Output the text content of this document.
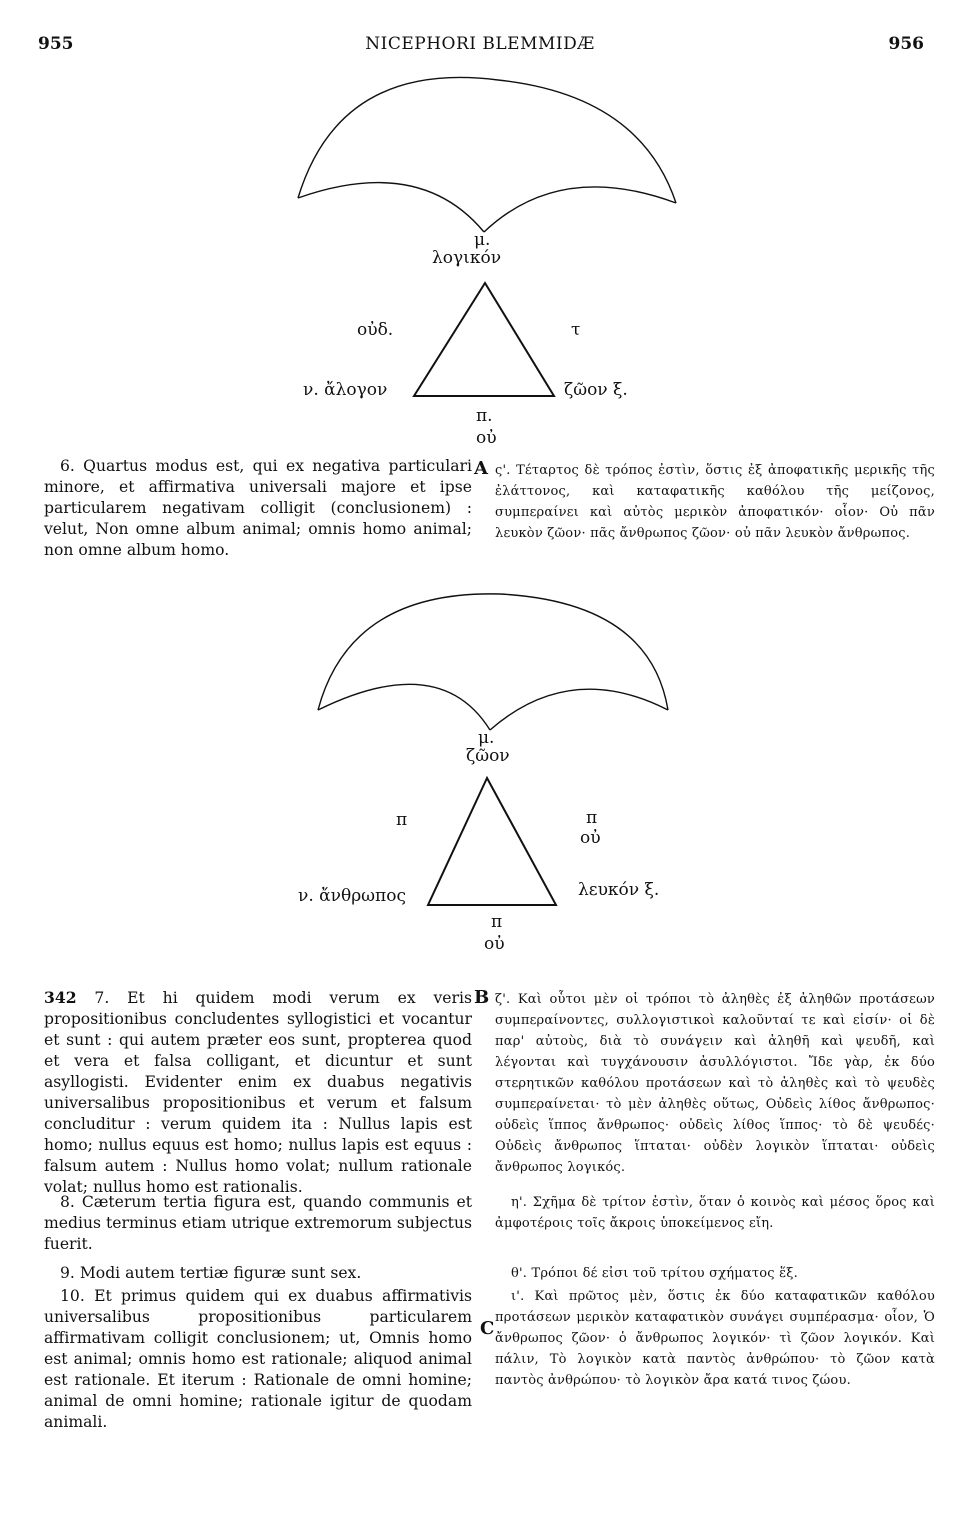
955	NICEPHORI BLEMMIDÆ	956
μ.
λογικόν
οὐδ.	τ
ν. ἄλογον	ζῶον ξ.
π.
οὐ

6. Quartus modus est, qui ex negativa particulari minore, et affirmativa universali majore et ipse particularem negativam colligit (conclusionem) : velut, Non omne album animal; omnis homo animal; non omne album homo.

A ς'. Τέταρτος δὲ τρόπος ἐστὶν, ὅστις ἐξ ἀποφατικῆς μερικῆς τῆς ἐλάττονος, καὶ καταφατικῆς καθόλου τῆς μείζονος, συμπεραίνει καὶ αὐτὸς μερικὸν ἀποφατικόν· οἷον· Οὐ πᾶν λευκὸν ζῶον· πᾶς ἄνθρωπος ζῶον· οὐ πᾶν λευκὸν ἄνθρωπος.

μ.
ζῶον
π	π
οὐ
ν. ἄνθρωπος	λευκόν ξ.
π
οὐ

342 7. Et hi quidem modi verum ex veris propositionibus concludentes syllogistici et vocantur et sunt : qui autem præter eos sunt, propterea quod et vera et falsa colligant, et dicuntur et sunt asyllogisti. Evidenter enim ex duabus negativis universalibus propositionibus et verum et falsum concluditur : verum quidem ita : Nullus lapis est homo; nullus equus est homo; nullus lapis est equus : falsum autem : Nullus homo volat; nullum rationale volat; nullus homo est rationalis.

B ζ'. Καὶ οὗτοι μὲν οἱ τρόποι τὸ ἀληθὲς ἐξ ἀληθῶν προτάσεων συμπεραίνοντες, συλλογιστικοὶ καλοῦνταί τε καὶ εἰσίν· οἱ δὲ παρ' αὐτοὺς, διὰ τὸ συνάγειν καὶ ἀληθῆ καὶ ψευδῆ, καὶ λέγονται καὶ τυγχάνουσιν ἀσυλλόγιστοι. Ἴδε γὰρ, ἐκ δύο στερητικῶν καθόλου προτάσεων καὶ τὸ ἀληθὲς καὶ τὸ ψευδὲς συμπεραίνεται· τὸ μὲν ἀληθὲς οὕτως, Οὐδεὶς λίθος ἄνθρωπος· οὐδεὶς ἵππος ἄνθρωπος· οὐδεὶς λίθος ἵππος· τὸ δὲ ψευδές· Οὐδεὶς ἄνθρωπος ἵπταται· οὐδὲν λογικὸν ἵπταται· οὐδεὶς ἄνθρωπος λογικός.

8. Cæterum tertia figura est, quando communis et medius terminus etiam utrique extremorum subjectus fuerit.

η'. Σχῆμα δὲ τρίτον ἐστὶν, ὅταν ὁ κοινὸς καὶ μέσος ὅρος καὶ ἀμφοτέροις τοῖς ἄκροις ὑποκείμενος εἴη.

9. Modi autem tertiæ figuræ sunt sex.	θ'. Τρόποι δέ εἰσι τοῦ τρίτου σχήματος ἕξ.

10. Et primus quidem qui ex duabus affirmativis universalibus propositionibus particularem affirmativam colligit conclusionem; ut, Omnis homo est animal; omnis homo est rationale; aliquod animal est rationale. Et iterum : Rationale de omni homine; animal de omni homine; rationale igitur de quodam animali.

C

ι'. Καὶ πρῶτος μὲν, ὅστις ἐκ δύο καταφατικῶν καθόλου προτάσεων μερικὸν καταφατικὸν συνάγει συμπέρασμα· οἷον, Ὁ ἄνθρωπος ζῶον· ὁ ἄνθρωπος λογικόν· τὶ ζῶον λογικόν. Καὶ πάλιν, Τὸ λογικὸν κατὰ παντὸς ἀνθρώπου· τὸ ζῶον κατὰ παντὸς ἀνθρώπου· τὸ λογικὸν ἄρα κατά τινος ζώου.
